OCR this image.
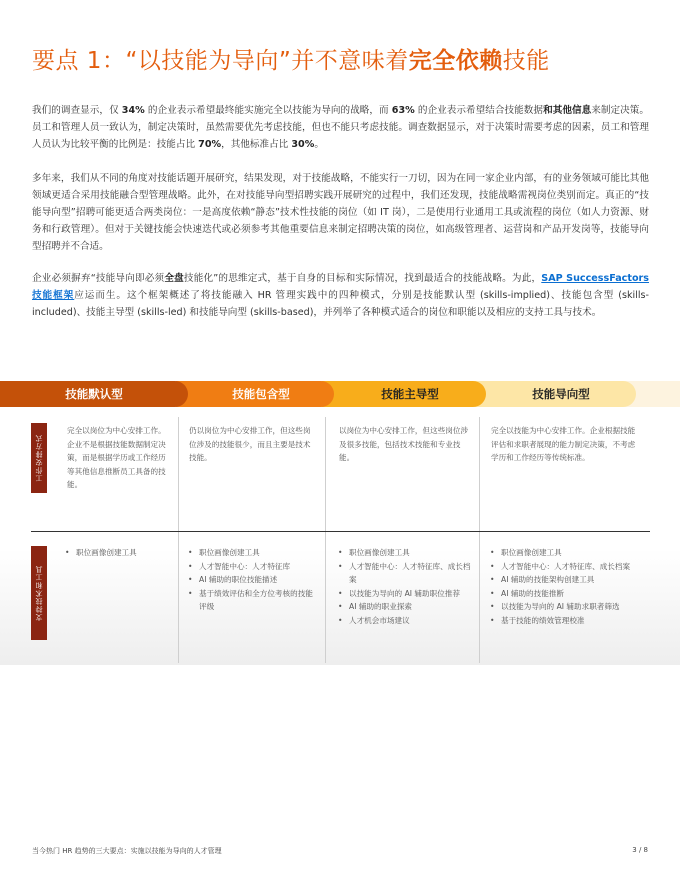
要点 1：“以技能为导向”并不意味着完全依赖技能

我们的调查显示，仅 34% 的企业表示希望最终能实施完全以技能为导向的战略，而 63% 的企业表示希望结合技能数据和其他信息来制定决策。员工和管理人员一致认为，制定决策时，虽然需要优先考虑技能，但也不能只考虑技能。调查数据显示，对于决策时需要考虑的因素，员工和管理人员认为比较平衡的比例是：技能占比 70%，其他标准占比 30%。

多年来，我们从不同的角度对技能话题开展研究，结果发现，对于技能战略，不能实行一刀切，因为在同一家企业内部，有的业务领域可能比其他领域更适合采用技能融合型管理战略。此外，在对技能导向型招聘实践开展研究的过程中，我们还发现，技能战略需视岗位类别而定。真正的“技能导向型”招聘可能更适合两类岗位：一是高度依赖“静态”技术性技能的岗位（如 IT 岗），二是使用行业通用工具或流程的岗位（如人力资源、财务和行政管理）。但对于关键技能会快速迭代或必须参考其他重要信息来制定招聘决策的岗位，如高级管理者、运营岗和产品开发岗等，技能导向型招聘并不合适。

企业必须摒弃“技能导向即必须全盘技能化”的思维定式，基于自身的目标和实际情况，找到最适合的技能战略。为此，SAP SuccessFactors 技能框架应运而生。这个框架概述了将技能融入 HR 管理实践中的四种模式，分别是技能默认型 (skills-implied)、技能包含型 (skills-included)、技能主导型 (skills-led) 和技能导向型 (skills-based)，并列举了各种模式适合的岗位和职能以及相应的支持工具与技术。

技能默认型	技能包含型	技能主导型	技能导向型
工作安排方式
支持技术和工具
完全以岗位为中心安排工作。企业不是根据技能数据制定决策，而是根据学历或工作经历等其他信息推断员工具备的技能。
仍以岗位为中心安排工作，但这些岗位涉及的技能很少，而且主要是技术技能。
以岗位为中心安排工作，但这些岗位涉及很多技能，包括技术技能和专业技能。
完全以技能为中心安排工作。企业根据技能评估和求职者展现的能力制定决策，不考虑学历和工作经历等传统标准。
• 职位画像创建工具
•	职位画像创建工具
• 人才智能中心：人才特征库
• AI 辅助的职位技能描述
• 基于绩效评估和全方位考核的技能评级
• 职位画像创建工具
• 人才智能中心：人才特征库、成长档案
• 以技能为导向的 AI 辅助职位推荐
• AI 辅助的职业探索
• 人才机会市场建议
• 职位画像创建工具
• 人才智能中心：人才特征库、成长档案
• AI 辅助的技能架构创建工具
• AI 辅助的技能推断
• 以技能为导向的 AI 辅助求职者筛选
• 基于技能的绩效管理校准
当今热门 HR 趋势的三大要点：实施以技能为导向的人才管理	3 / 8
